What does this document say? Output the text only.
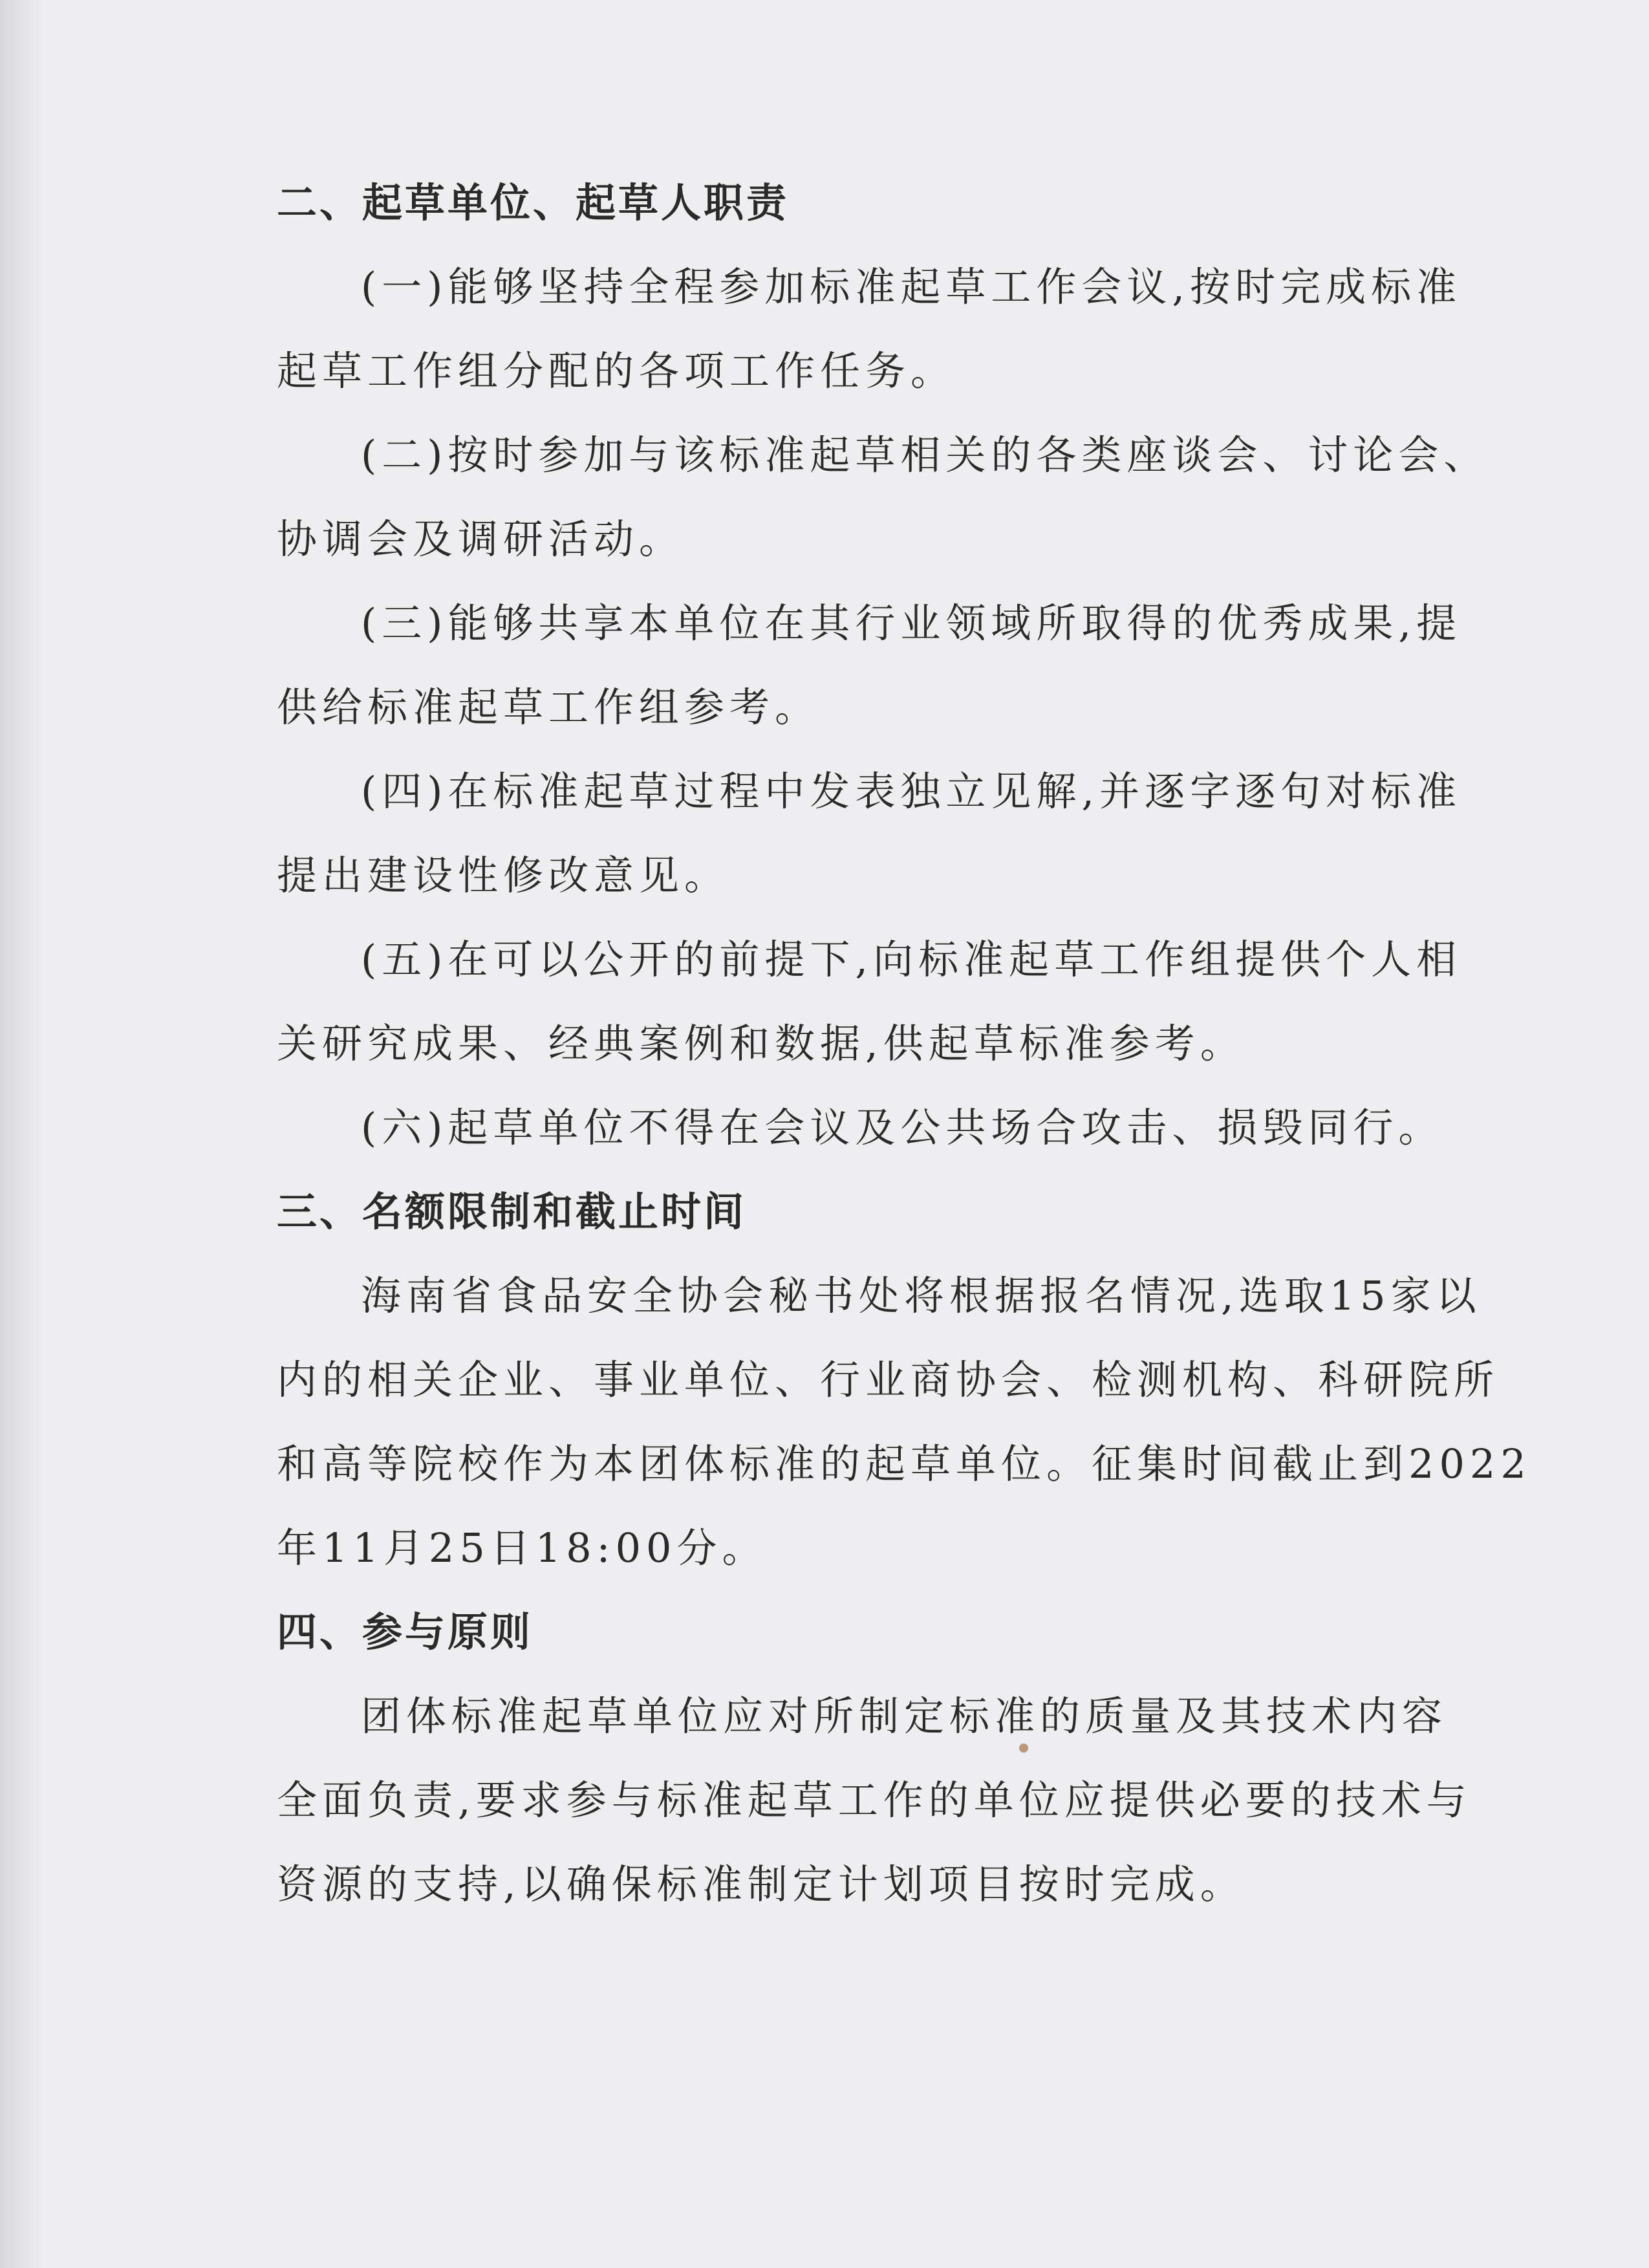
二、起草单位、起草人职责

(一)能够坚持全程参加标准起草工作会议,按时完成标准

起草工作组分配的各项工作任务。

(二)按时参加与该标准起草相关的各类座谈会、讨论会、

协调会及调研活动。

(三)能够共享本单位在其行业领域所取得的优秀成果,提

供给标准起草工作组参考。

(四)在标准起草过程中发表独立见解,并逐字逐句对标准

提出建设性修改意见。

(五)在可以公开的前提下,向标准起草工作组提供个人相

关研究成果、经典案例和数据,供起草标准参考。

(六)起草单位不得在会议及公共场合攻击、损毁同行。

三、名额限制和截止时间

海南省食品安全协会秘书处将根据报名情况,选取15家以

内的相关企业、事业单位、行业商协会、检测机构、科研院所

和高等院校作为本团体标准的起草单位。征集时间截止到2022

年11月25日18:00分。

四、参与原则

团体标准起草单位应对所制定标准的质量及其技术内容

全面负责,要求参与标准起草工作的单位应提供必要的技术与

资源的支持,以确保标准制定计划项目按时完成。
